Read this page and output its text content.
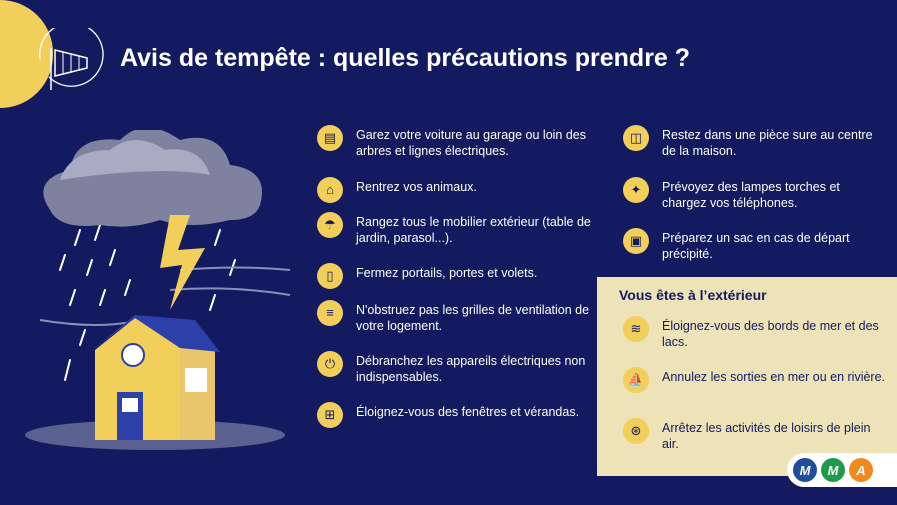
Avis de tempête : quelles précautions prendre ?
▤	Garez votre voiture au garage ou loin des arbres et lignes électriques.
⌂	Rentrez vos animaux.
☂	Rangez tous le mobilier extérieur (table de jardin, parasol...).
▯	Fermez portails, portes et volets.
≡	N'obstruez pas les grilles de ventilation de votre logement.
⏻	Débranchez les appareils électriques non indispensables.
⊞	Éloignez-vous des fenêtres et vérandas.
◫	Restez dans une pièce sure au centre de la maison.
✦	Prévoyez des lampes torches et chargez vos téléphones.
▣	Préparez un sac en cas de départ précipité.
Vous êtes à l’extérieur
≋	Éloignez-vous des bords de mer et des lacs.
⛵	Annulez les sorties en mer ou en rivière.
⊛	Arrêtez les activités de loisirs de plein air.
M	M	A
